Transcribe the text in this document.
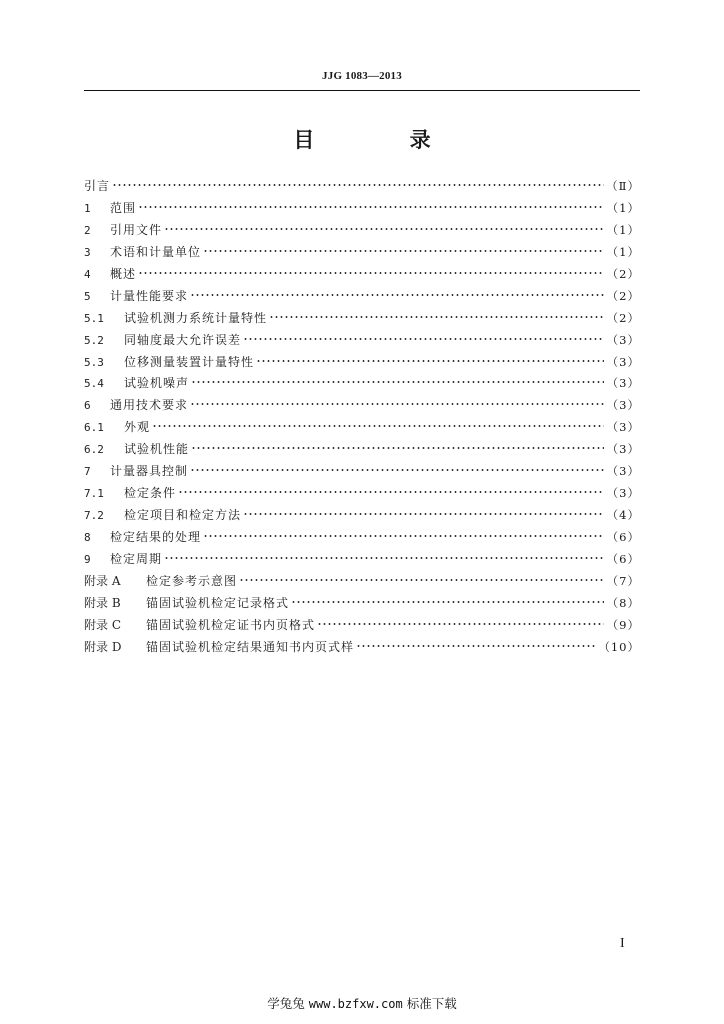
JJG 1083—2013
目 录
引言	（Ⅱ）
1	范围	（1）
2	引用文件	（1）
3	术语和计量单位	（1）
4	概述	（2）
5	计量性能要求	（2）
5.1	试验机测力系统计量特性	（2）
5.2	同轴度最大允许误差	（3）
5.3	位移测量装置计量特性	（3）
5.4	试验机噪声	（3）
6	通用技术要求	（3）
6.1	外观	（3）
6.2	试验机性能	（3）
7	计量器具控制	（3）
7.1	检定条件	（3）
7.2	检定项目和检定方法	（4）
8	检定结果的处理	（6）
9	检定周期	（6）
附录 A	检定参考示意图	（7）
附录 B	锚固试验机检定记录格式	（8）
附录 C	锚固试验机检定证书内页格式	（9）
附录 D	锚固试验机检定结果通知书内页式样	（10）
I
学兔兔 www.bzfxw.com 标准下载
